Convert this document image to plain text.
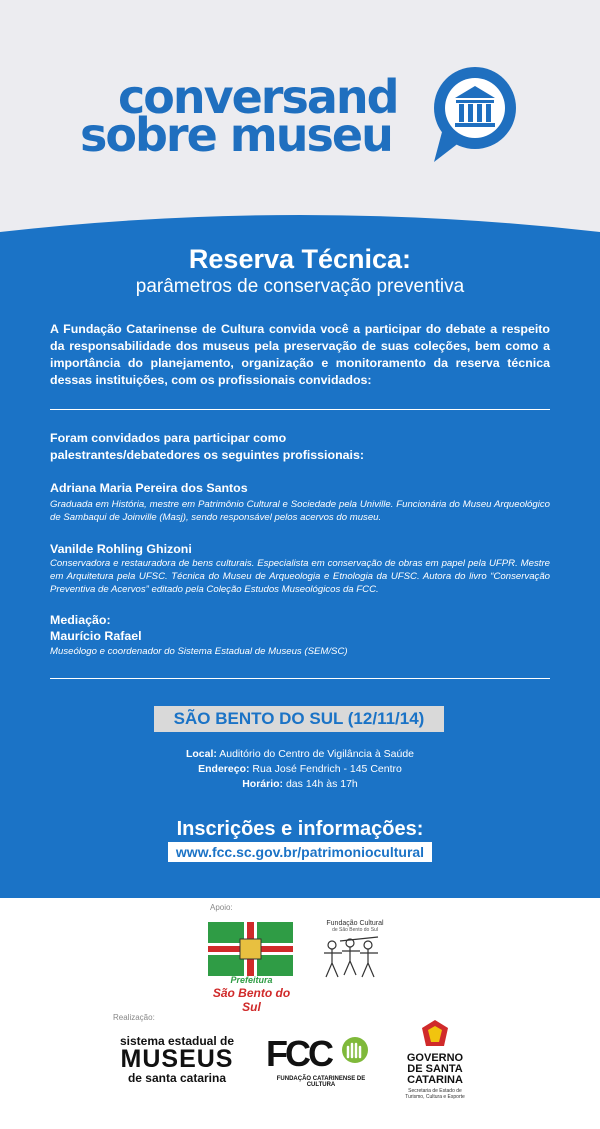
conversand
sobre museu
Reserva Técnica:
parâmetros de conservação preventiva
A Fundação Catarinense de Cultura convida você a participar do debate a respeito da responsabilidade dos museus pela preservação de suas coleções, bem como a importância do planejamento, organização e monitoramento da reserva técnica dessas instituições, com os profissionais convidados:
Foram convidados para participar como
palestrantes/debatedores os seguintes profissionais:
Adriana Maria Pereira dos Santos
Graduada em História, mestre em Patrimônio Cultural e Sociedade pela Univille. Funcionária do Museu Arqueológico de Sambaqui de Joinville (Masj), sendo responsável pelos acervos do museu.
Vanilde Rohling Ghizoni
Conservadora e restauradora de bens culturais. Especialista em conservação de obras em papel pela UFPR. Mestre em Arquitetura pela UFSC. Técnica do Museu de Arqueologia e Etnologia da UFSC. Autora do livro “Conservação Preventiva de Acervos” editado pela Coleção Estudos Museológicos da FCC.
Mediação:
Maurício Rafael
Museólogo e coordenador do Sistema Estadual de Museus (SEM/SC)
SÃO BENTO DO SUL (12/11/14)
Local: Auditório do Centro de Vigilância à Saúde
Endereço: Rua José Fendrich - 145 Centro
Horário: das 14h às 17h
Inscrições e informações:
www.fcc.sc.gov.br/patrimoniocultural
Apoio:
Prefeitura
São Bento do Sul
Fundação Cultural
de São Bento do Sul
Realização:
sistema estadual de
MUSEUS
de santa catarina
FCC
FUNDAÇÃO CATARINENSE DE CULTURA
GOVERNO
DE SANTA
CATARINA
Secretaria de Estado de Turismo, Cultura e Esporte
